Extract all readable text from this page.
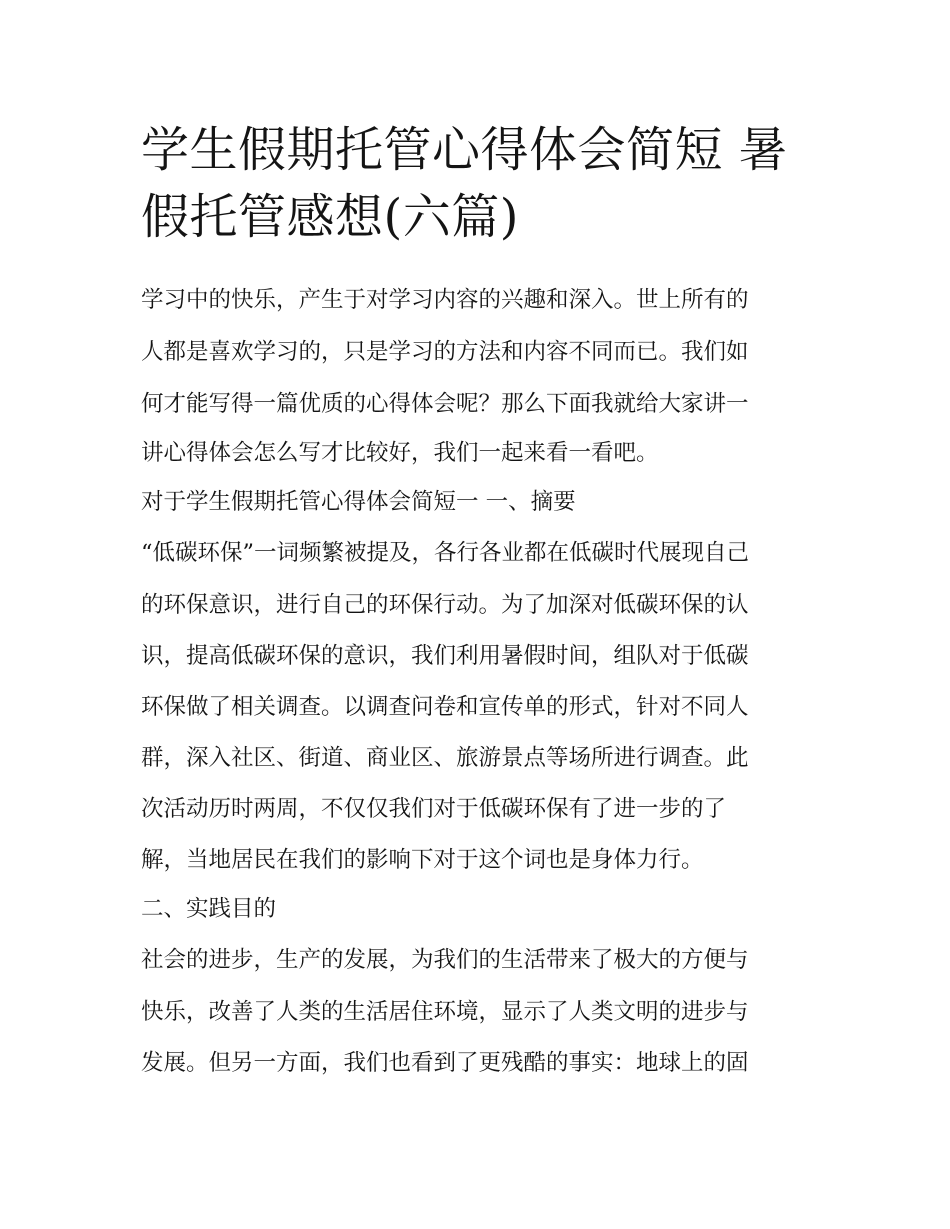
学生假期托管心得体会简短 暑
假托管感想(六篇)

学习中的快乐，产生于对学习内容的兴趣和深入。世上所有的

人都是喜欢学习的，只是学习的方法和内容不同而已。我们如

何才能写得一篇优质的心得体会呢？那么下面我就给大家讲一

讲心得体会怎么写才比较好，我们一起来看一看吧。

对于学生假期托管心得体会简短一 一、摘要

“低碳环保”一词频繁被提及，各行各业都在低碳时代展现自己

的环保意识，进行自己的环保行动。为了加深对低碳环保的认

识，提高低碳环保的意识，我们利用暑假时间，组队对于低碳

环保做了相关调查。以调查问卷和宣传单的形式，针对不同人

群，深入社区、街道、商业区、旅游景点等场所进行调查。此

次活动历时两周，不仅仅我们对于低碳环保有了进一步的了

解，当地居民在我们的影响下对于这个词也是身体力行。

二、实践目的

社会的进步，生产的发展，为我们的生活带来了极大的方便与

快乐，改善了人类的生活居住环境，显示了人类文明的进步与

发展。但另一方面，我们也看到了更残酷的事实：地球上的固
